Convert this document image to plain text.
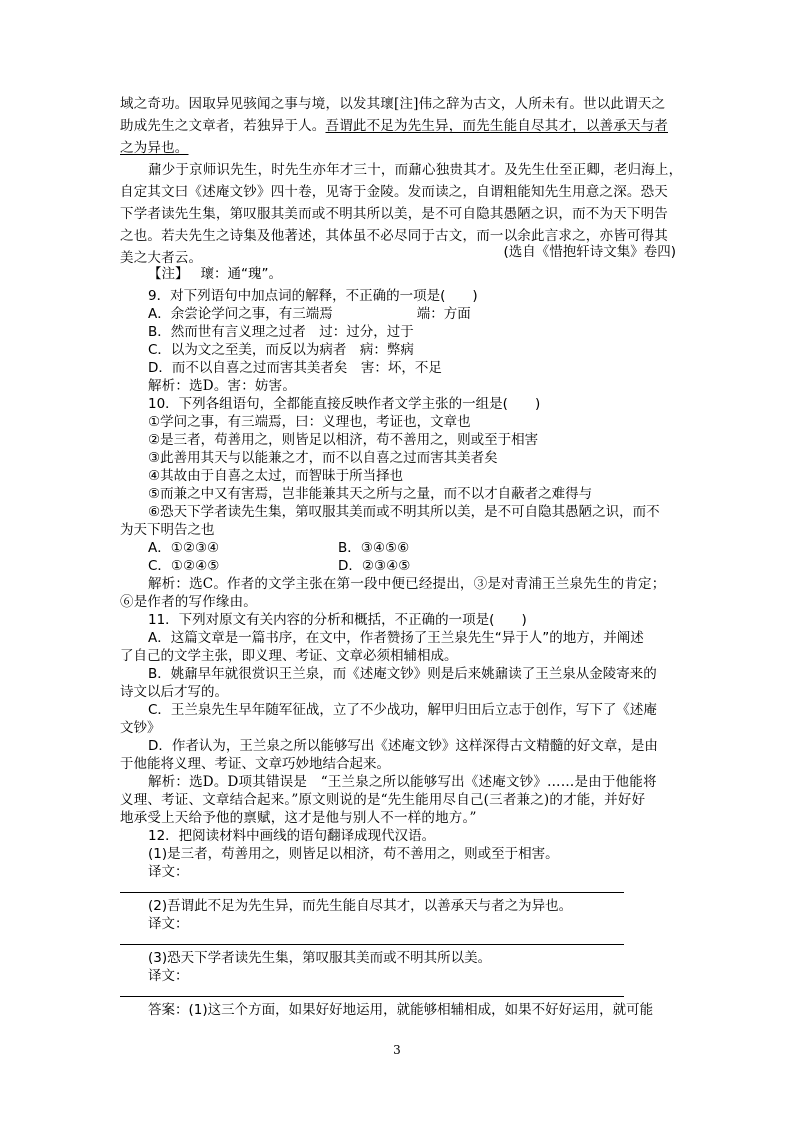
域之奇功。因取异见骇闻之事与境，以发其瓌[注]伟之辞为古文，人所未有。世以此谓天之
助成先生之文章者，若独异于人。吾谓此不足为先生异，而先生能自尽其才，以善承天与者
之为异也。
鼐少于京师识先生，时先生亦年才三十，而鼐心独贵其才。及先生仕至正卿，老归海上，
自定其文曰《述庵文钞》四十卷，见寄于金陵。发而读之，自谓粗能知先生用意之深。恐天
下学者读先生集，第叹服其美而或不明其所以美，是不可自隐其愚陋之识，而不为天下明告
之也。若夫先生之诗集及他著述，其体虽不必尽同于古文，而一以余此言求之，亦皆可得其
美之大者云。	(选自《惜抱轩诗文集》卷四)
【注】 瓌：通“瑰”。
9．对下列语句中加点词的解释，不正确的一项是(　　)
A．余尝论学问之事，有三端焉	端：方面
B．然而世有言义理之过者　过：过分，过于
C．以为文之至美，而反以为病者　病：弊病
D．而不以自喜之过而害其美者矣　害：坏，不足
解析：选D。害：妨害。
10．下列各组语句，全都能直接反映作者文学主张的一组是(　　)
①学问之事，有三端焉，曰：义理也，考证也，文章也
②是三者，苟善用之，则皆足以相济，苟不善用之，则或至于相害
③此善用其天与以能兼之才，而不以自喜之过而害其美者矣
④其故由于自喜之太过，而智昧于所当择也
⑤而兼之中又有害焉，岂非能兼其天之所与之量，而不以才自蔽者之难得与
⑥恐天下学者读先生集，第叹服其美而或不明其所以美，是不可自隐其愚陋之识，而不
为天下明告之也
A．①②③④	B．③④⑤⑥
C．①②④⑤	D．②③④⑤
解析：选C。作者的文学主张在第一段中便已经提出，③是对青浦王兰泉先生的肯定；
⑥是作者的写作缘由。
11．下列对原文有关内容的分析和概括，不正确的一项是(　　)
A．这篇文章是一篇书序，在文中，作者赞扬了王兰泉先生“异于人”的地方，并阐述
了自己的文学主张，即义理、考证、文章必须相辅相成。
B．姚鼐早年就很赏识王兰泉，而《述庵文钞》则是后来姚鼐读了王兰泉从金陵寄来的
诗文以后才写的。
C．王兰泉先生早年随军征战，立了不少战功，解甲归田后立志于创作，写下了《述庵
文钞》
D．作者认为，王兰泉之所以能够写出《述庵文钞》这样深得古文精髓的好文章，是由
于他能将义理、考证、文章巧妙地结合起来。
解析：选D。D项其错误是　“王兰泉之所以能够写出《述庵文钞》……是由于他能将
义理、考证、文章结合起来。”原文则说的是“先生能用尽自己(三者兼之)的才能，并好好
地承受上天给予他的禀赋，这才是他与别人不一样的地方。”
12．把阅读材料中画线的语句翻译成现代汉语。
(1)是三者，苟善用之，则皆足以相济，苟不善用之，则或至于相害。
译文：
(2)吾谓此不足为先生异，而先生能自尽其才，以善承天与者之为异也。
译文：
(3)恐天下学者读先生集，第叹服其美而或不明其所以美。
译文：
答案：(1)这三个方面，如果好好地运用，就能够相辅相成，如果不好好运用，就可能
3
